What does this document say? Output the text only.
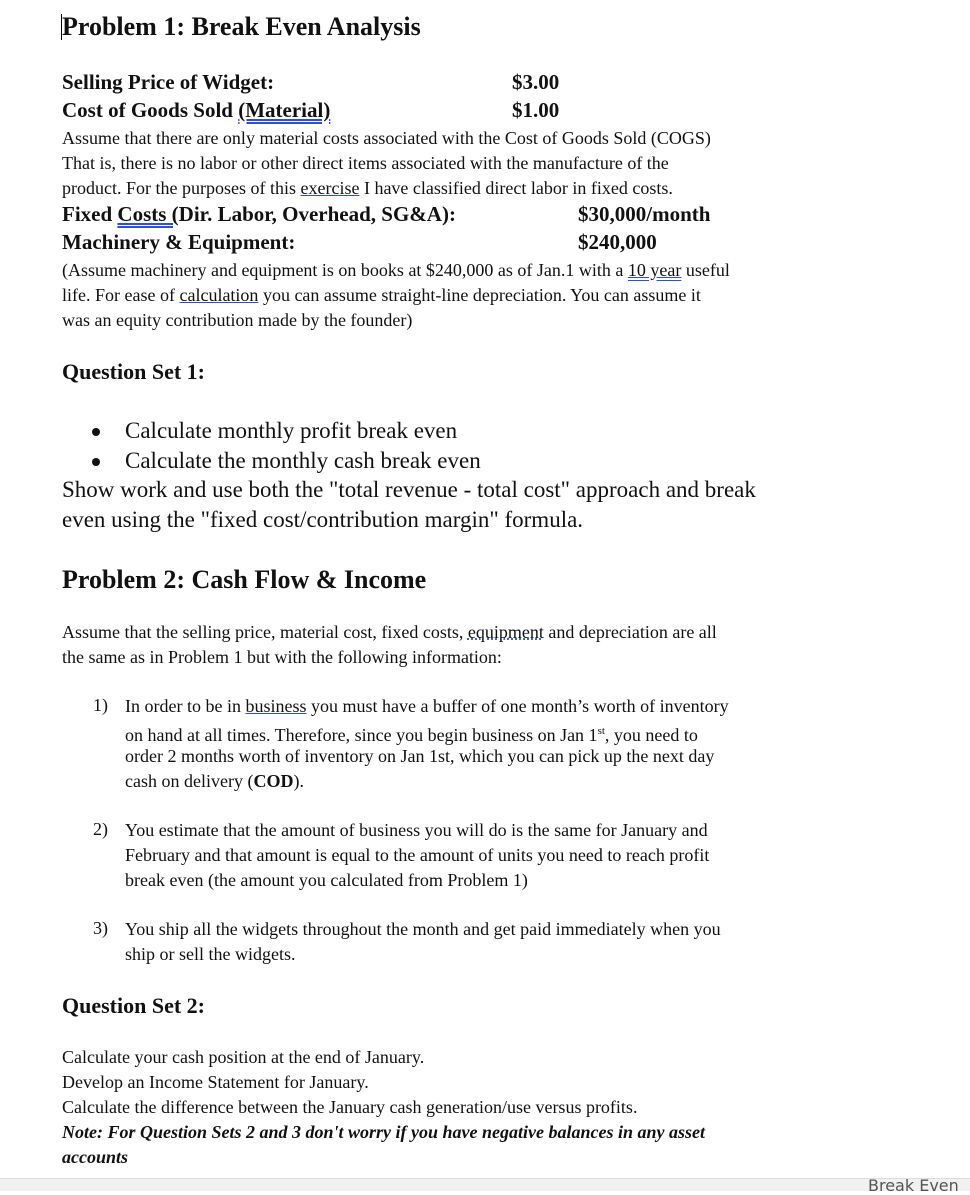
Problem 1: Break Even Analysis
Selling Price of Widget:	$3.00
Cost of Goods Sold (Material)	$1.00
Assume that there are only material costs associated with the Cost of Goods Sold (COGS)
That is, there is no labor or other direct items associated with the manufacture of the
product. For the purposes of this exercise I have classified direct labor in fixed costs.
Fixed Costs (Dir. Labor, Overhead, SG&A):	$30,000/month
Machinery & Equipment:	$240,000
(Assume machinery and equipment is on books at $240,000 as of Jan.1 with a 10 year useful
life. For ease of calculation you can assume straight-line depreciation. You can assume it
was an equity contribution made by the founder)
Question Set 1:
Calculate monthly profit break even
Calculate the monthly cash break even
Show work and use both the "total revenue - total cost" approach and break
even using the "fixed cost/contribution margin" formula.
Problem 2: Cash Flow & Income
Assume that the selling price, material cost, fixed costs, equipment and depreciation are all
the same as in Problem 1 but with the following information:
1) In order to be in business you must have a buffer of one month’s worth of inventory
on hand at all times. Therefore, since you begin business on Jan 1st, you need to
order 2 months worth of inventory on Jan 1st, which you can pick up the next day
cash on delivery (COD).
2) You estimate that the amount of business you will do is the same for January and
February and that amount is equal to the amount of units you need to reach profit
break even (the amount you calculated from Problem 1)
3) You ship all the widgets throughout the month and get paid immediately when you
ship or sell the widgets.
Question Set 2:
Calculate your cash position at the end of January.
Develop an Income Statement for January.
Calculate the difference between the January cash generation/use versus profits.
Note: For Question Sets 2 and 3 don't worry if you have negative balances in any asset
accounts
Break Even
